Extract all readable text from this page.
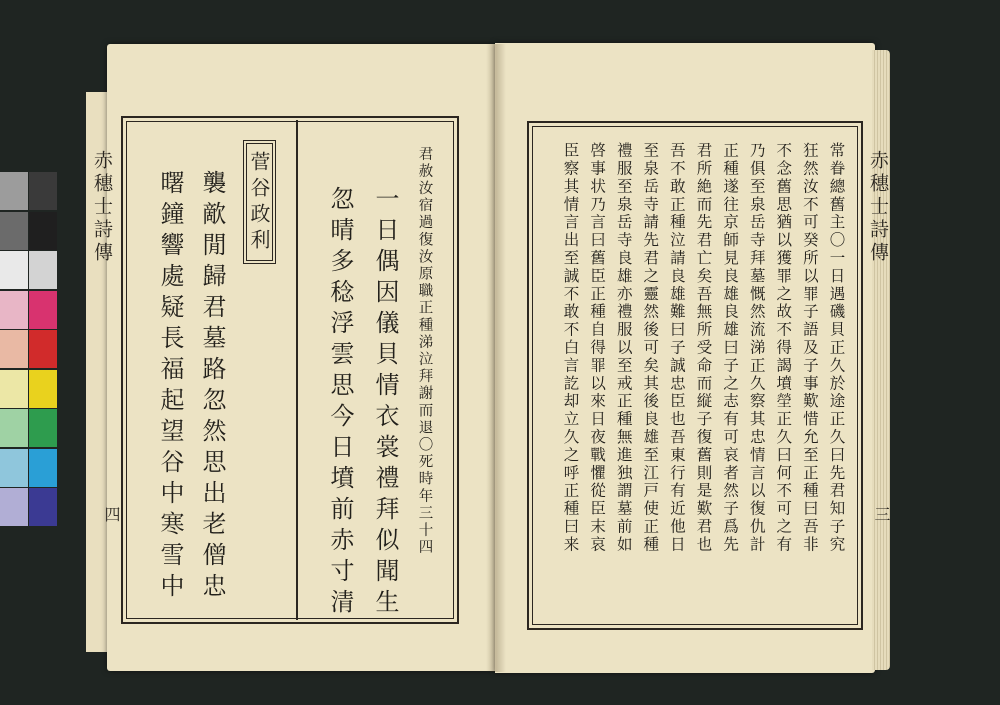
赤穗士詩傳
四	君赦汝宿過復汝原職正種涕泣拜謝而退〇死時年三十四
一日偶因儀貝情衣裳禮拜似聞生
忽晴多稔浮雲思今日墳前赤寸清
菅谷政利
襲歒閒歸君墓路忽然思出老僧忠
曙鐘響處疑長福起望谷中寒雪中	常眷總舊主〇一日遇磯貝正久於途正久曰先君知子究
狂然汝不可癸所以罪子語及子事歎惜允至正種曰吾非
不念舊思猶以獲罪之故不得謁墳塋正久曰何不可之有
乃俱至泉岳寺拜墓慨然流涕正久察其忠情言以復仇計
正種遂往京師見良雄良雄曰子之志有可哀者然子爲先
君所絶而先君亡矣吾無所受命而縦子復舊則是歎君也
吾不敢正種泣請良雄難曰子誠忠臣也吾東行有近他日
至泉岳寺請先君之靈然後可矣其後良雄至江戸使正種
禮服至泉岳寺良雄亦禮服以至戒正種無進独謂墓前如
啓事状乃言曰舊臣正種自得罪以來日夜戰懼從臣末哀
臣察其情言出至誠不敢不白言訖却立久之呼正種曰来	赤穗士詩傳
三
